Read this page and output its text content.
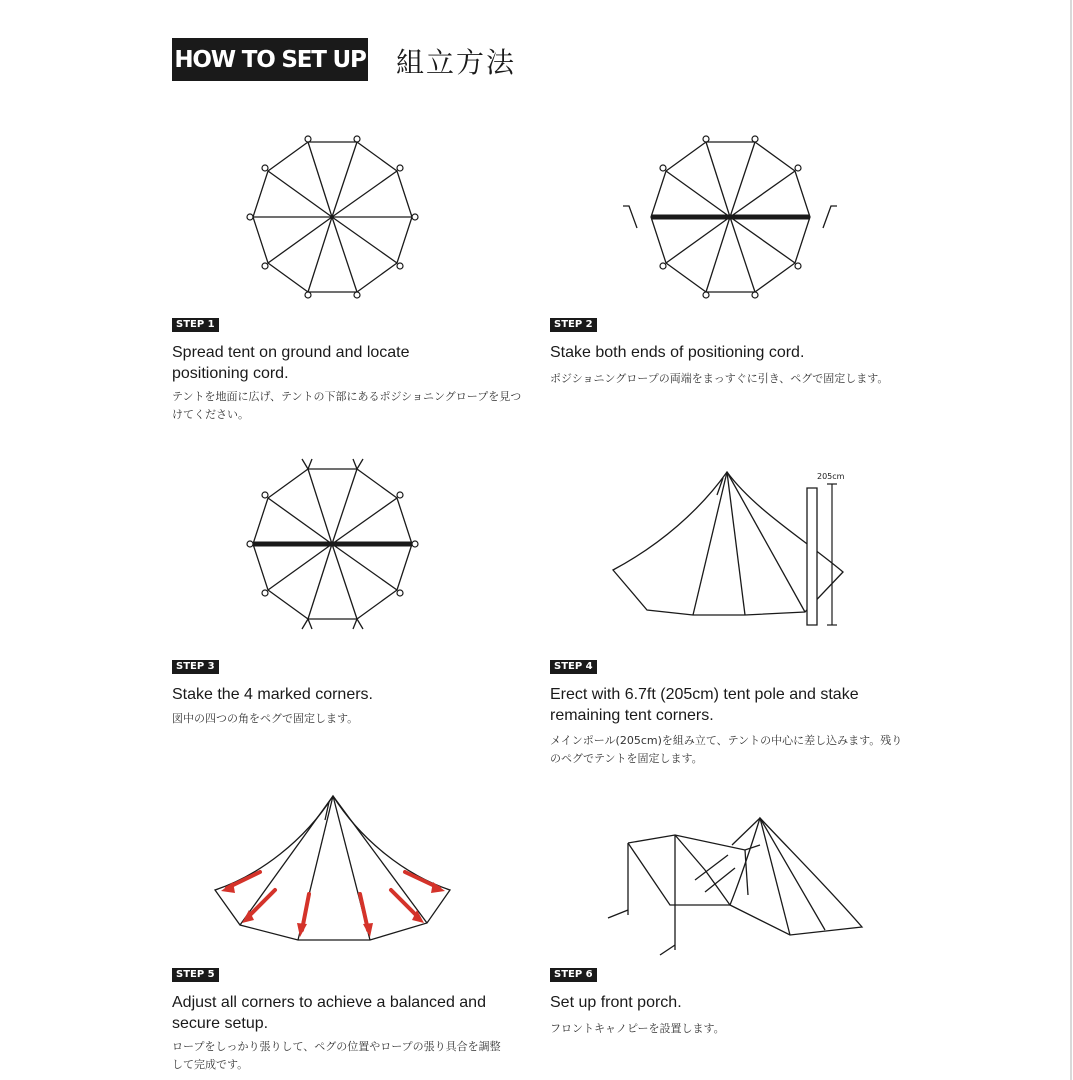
HOW TO SET UP 組立方法
205cm
STEP 1
Spread tent on ground and locate positioning cord.
テントを地面に広げ、テントの下部にあるポジショニングロープを見つけてください。
STEP 2
Stake both ends of positioning cord.
ポジショニングロープの両端をまっすぐに引き、ペグで固定します。
STEP 3
Stake the 4 marked corners.
図中の四つの角をペグで固定します。
STEP 4
Erect with 6.7ft (205cm) tent pole and stake remaining tent corners.
メインポール(205cm)を組み立て、テントの中心に差し込みます。残りのペグでテントを固定します。
STEP 5
Adjust all corners to achieve a balanced and secure setup.
ロープをしっかり張りして、ペグの位置やロープの張り具合を調整して完成です。
STEP 6
Set up front porch.
フロントキャノピーを設置します。
